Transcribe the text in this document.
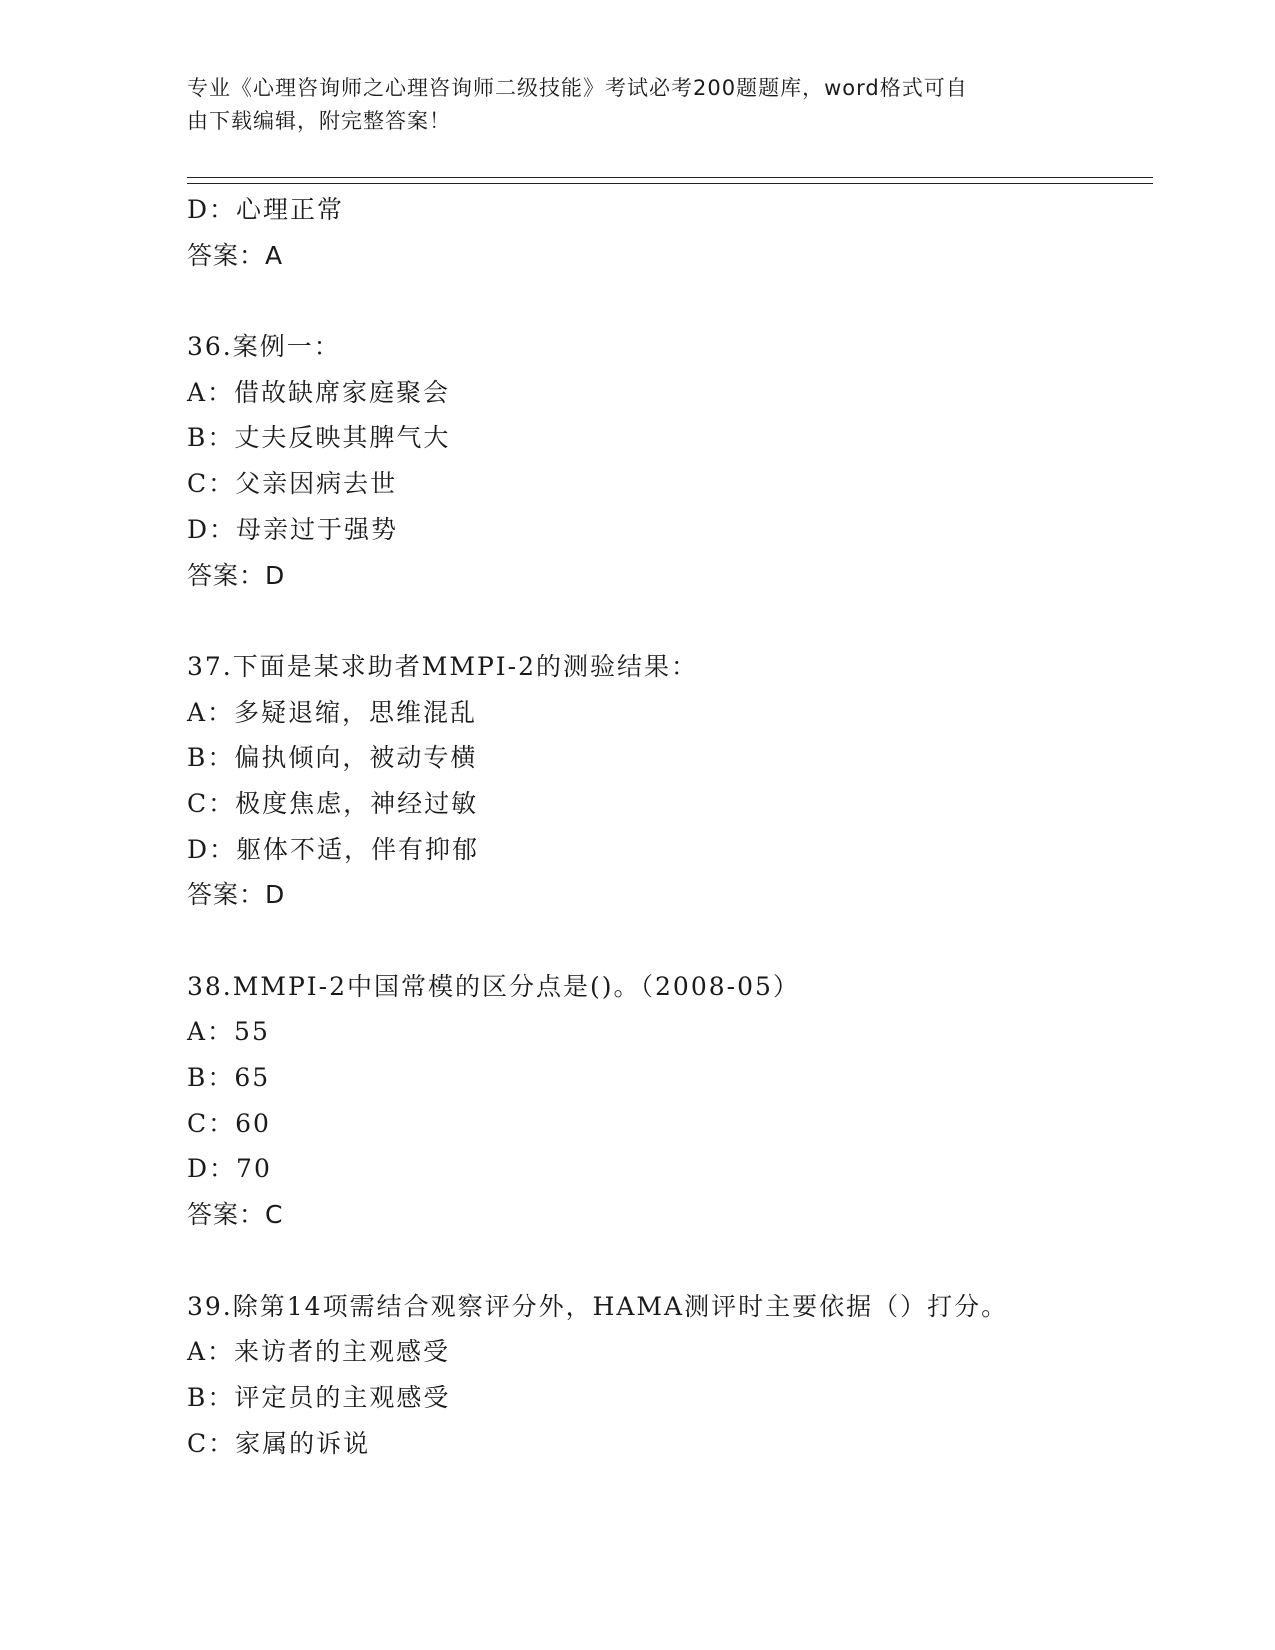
专业《心理咨询师之心理咨询师二级技能》考试必考200题题库，word格式可自
由下载编辑，附完整答案！
D：心理正常
答案：A
36.案例一：
A：借故缺席家庭聚会
B：丈夫反映其脾气大
C：父亲因病去世
D：母亲过于强势
答案：D
37.下面是某求助者MMPI-2的测验结果：
A：多疑退缩，思维混乱
B：偏执倾向，被动专横
C：极度焦虑，神经过敏
D：躯体不适，伴有抑郁
答案：D
38.MMPI-2中国常模的区分点是()。（2008-05）
A：55
B：65
C：60
D：70
答案：C
39.除第14项需结合观察评分外，HAMA测评时主要依据（）打分。
A：来访者的主观感受
B：评定员的主观感受
C：家属的诉说
